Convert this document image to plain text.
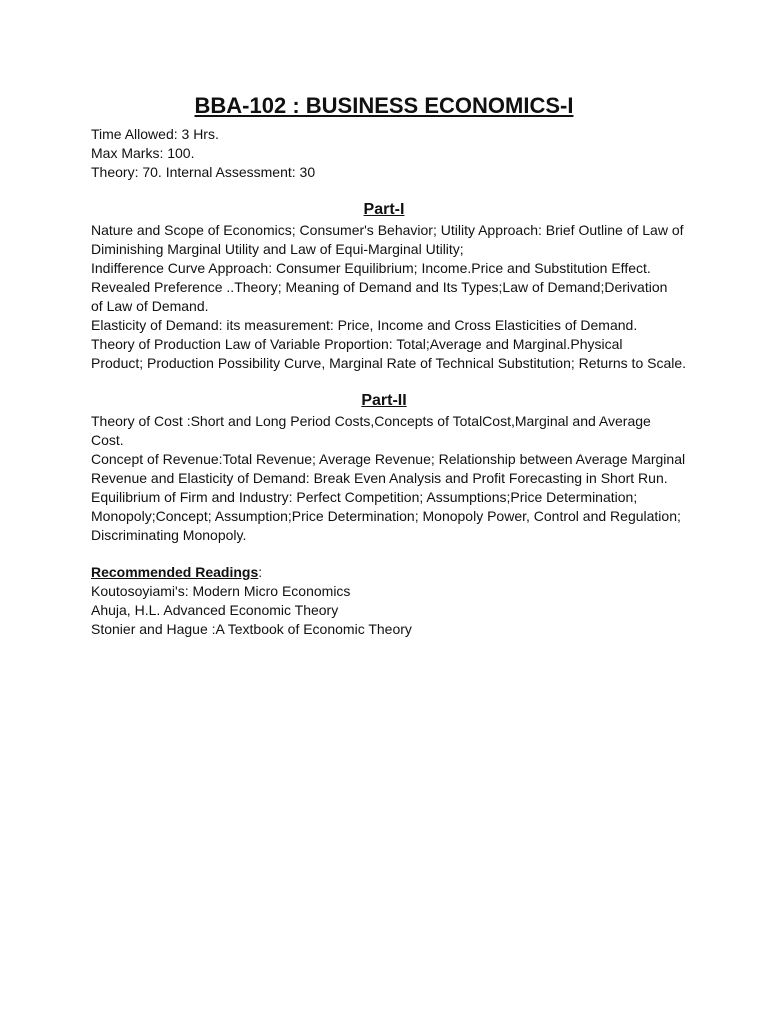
BBA-102 : BUSINESS ECONOMICS-I

Time Allowed: 3 Hrs.

Max Marks: 100.

Theory: 70. Internal Assessment: 30

Part-I

Nature and Scope of Economics; Consumer's Behavior; Utility Approach: Brief Outline of Law of

Diminishing Marginal Utility and Law of Equi-Marginal Utility;

Indifference Curve Approach: Consumer Equilibrium; Income.Price and Substitution Effect.

Revealed Preference ..Theory; Meaning of Demand and Its Types;Law of Demand;Derivation

of Law of Demand.

Elasticity of Demand: its measurement: Price, Income and Cross Elasticities of Demand.

Theory of Production Law of Variable Proportion: Total;Average and Marginal.Physical

Product; Production Possibility Curve, Marginal Rate of Technical Substitution; Returns to Scale.

Part-II

Theory of Cost :Short and Long Period Costs,Concepts of TotalCost,Marginal and Average

Cost.

Concept of Revenue:Total Revenue; Average Revenue; Relationship between Average Marginal

Revenue and Elasticity of Demand: Break Even Analysis and Profit Forecasting in Short Run.

Equilibrium of Firm and Industry: Perfect Competition; Assumptions;Price Determination;

Monopoly;Concept; Assumption;Price Determination; Monopoly Power, Control and Regulation;

Discriminating Monopoly.

Recommended Readings:

Koutosoyiami's: Modern Micro Economics

Ahuja, H.L. Advanced Economic Theory

Stonier and Hague :A Textbook of Economic Theory
